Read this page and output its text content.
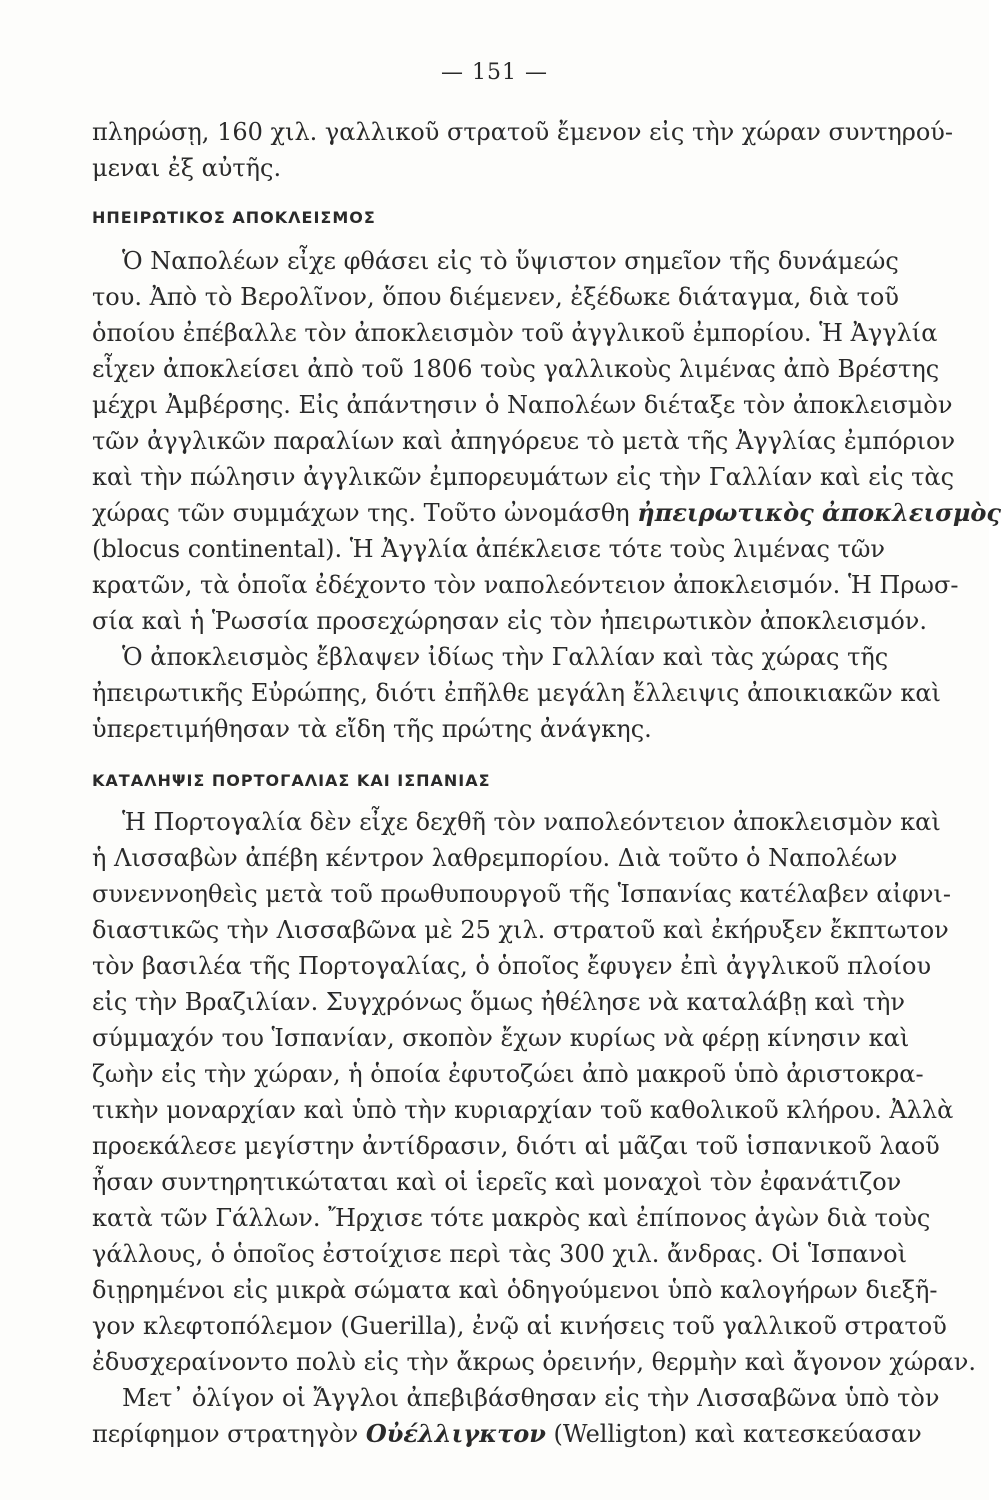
— 151 —
πληρώσῃ, 160 χιλ. γαλλικοῦ στρατοῦ ἔμενον εἰς τὴν χώραν συντηρού-
μεναι ἐξ αὐτῆς.
ΗΠΕΙΡΩΤΙΚΟΣ ΑΠΟΚΛΕΙΣΜΟΣ
Ὁ Ναπολέων εἶχε φθάσει εἰς τὸ ὕψιστον σημεῖον τῆς δυνάμεώς
του. Ἀπὸ τὸ Βερολῖνον, ὅπου διέμενεν, ἐξέδωκε διάταγμα, διὰ τοῦ
ὁποίου ἐπέβαλλε τὸν ἀποκλεισμὸν τοῦ ἀγγλικοῦ ἐμπορίου. Ἡ Ἀγγλία
εἶχεν ἀποκλείσει ἀπὸ τοῦ 1806 τοὺς γαλλικοὺς λιμένας ἀπὸ Βρέστης
μέχρι Ἀμβέρσης. Εἰς ἀπάντησιν ὁ Ναπολέων διέταξε τὸν ἀποκλεισμὸν
τῶν ἀγγλικῶν παραλίων καὶ ἀπηγόρευε τὸ μετὰ τῆς Ἀγγλίας ἐμπόριον
καὶ τὴν πώλησιν ἀγγλικῶν ἐμπορευμάτων εἰς τὴν Γαλλίαν καὶ εἰς τὰς
χώρας τῶν συμμάχων της. Τοῦτο ὠνομάσθη ἠπειρωτικὸς ἀποκλεισμὸς
(blocus continental). Ἡ Ἀγγλία ἀπέκλεισε τότε τοὺς λιμένας τῶν
κρατῶν, τὰ ὁποῖα ἐδέχοντο τὸν ναπολεόντειον ἀποκλεισμόν. Ἡ Πρωσ-
σία καὶ ἡ Ῥωσσία προσεχώρησαν εἰς τὸν ἠπειρωτικὸν ἀποκλεισμόν.
Ὁ ἀποκλεισμὸς ἔβλαψεν ἰδίως τὴν Γαλλίαν καὶ τὰς χώρας τῆς
ἠπειρωτικῆς Εὐρώπης, διότι ἐπῆλθε μεγάλη ἔλλειψις ἀποικιακῶν καὶ
ὑπερετιμήθησαν τὰ εἴδη τῆς πρώτης ἀνάγκης.
ΚΑΤΑΛΗΨΙΣ ΠΟΡΤΟΓΑΛΙΑΣ ΚΑΙ ΙΣΠΑΝΙΑΣ
Ἡ Πορτογαλία δὲν εἶχε δεχθῆ τὸν ναπολεόντειον ἀποκλεισμὸν καὶ
ἡ Λισσαβὼν ἀπέβη κέντρον λαθρεμπορίου. Διὰ τοῦτο ὁ Ναπολέων
συνεννοηθεὶς μετὰ τοῦ πρωθυπουργοῦ τῆς Ἱσπανίας κατέλαβεν αἰφνι-
διαστικῶς τὴν Λισσαβῶνα μὲ 25 χιλ. στρατοῦ καὶ ἐκήρυξεν ἔκπτωτον
τὸν βασιλέα τῆς Πορτογαλίας, ὁ ὁποῖος ἔφυγεν ἐπὶ ἀγγλικοῦ πλοίου
εἰς τὴν Βραζιλίαν. Συγχρόνως ὅμως ἠθέλησε νὰ καταλάβῃ καὶ τὴν
σύμμαχόν του Ἱσπανίαν, σκοπὸν ἔχων κυρίως νὰ φέρῃ κίνησιν καὶ
ζωὴν εἰς τὴν χώραν, ἡ ὁποία ἐφυτοζώει ἀπὸ μακροῦ ὑπὸ ἀριστοκρα-
τικὴν μοναρχίαν καὶ ὑπὸ τὴν κυριαρχίαν τοῦ καθολικοῦ κλήρου. Ἀλλὰ
προεκάλεσε μεγίστην ἀντίδρασιν, διότι αἱ μᾶζαι τοῦ ἱσπανικοῦ λαοῦ
ἦσαν συντηρητικώταται καὶ οἱ ἱερεῖς καὶ μοναχοὶ τὸν ἐφανάτιζον
κατὰ τῶν Γάλλων. Ἤρχισε τότε μακρὸς καὶ ἐπίπονος ἀγὼν διὰ τοὺς
γάλλους, ὁ ὁποῖος ἐστοίχισε περὶ τὰς 300 χιλ. ἄνδρας. Οἱ Ἱσπανοὶ
διῃρημένοι εἰς μικρὰ σώματα καὶ ὁδηγούμενοι ὑπὸ καλογήρων διεξῆ-
γον κλεφτοπόλεμον (Guerilla), ἐνῷ αἱ κινήσεις τοῦ γαλλικοῦ στρατοῦ
ἐδυσχεραίνοντο πολὺ εἰς τὴν ἄκρως ὀρεινήν, θερμὴν καὶ ἄγονον χώραν.
Μετ᾽ ὀλίγον οἱ Ἄγγλοι ἀπεβιβάσθησαν εἰς τὴν Λισσαβῶνα ὑπὸ τὸν
περίφημον στρατηγὸν Οὐέλλιγκτον (Welligton) καὶ κατεσκεύασαν
